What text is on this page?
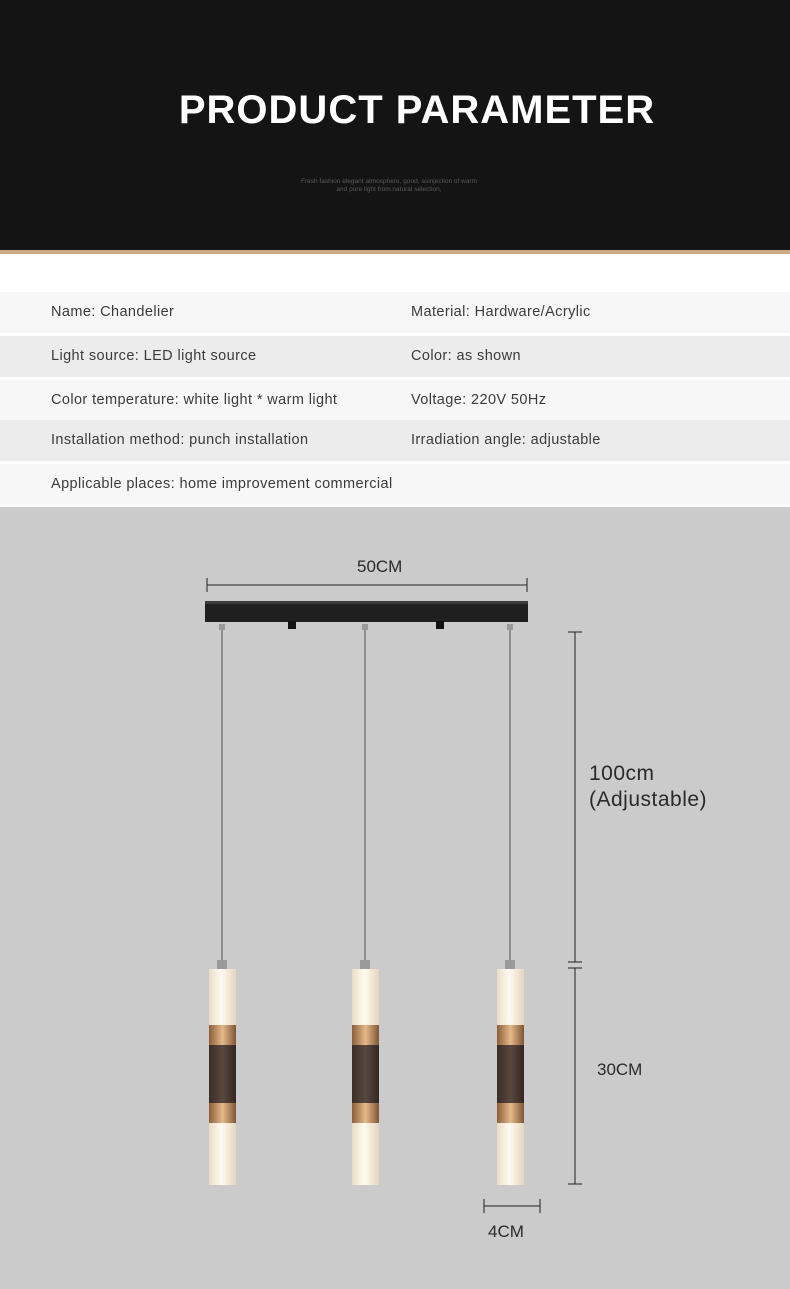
PRODUCT PARAMETER
Fresh fashion elegant atmosphere, good, asinjection of warm and pure light from natural selection,
Name: Chandelier	Material: Hardware/Acrylic
Light source: LED light source	Color: as shown
Color temperature: white light * warm light	Voltage: 220V 50Hz
Installation method: punch installation	Irradiation angle: adjustable
Applicable places: home improvement commercial
50CM
100cm
(Adjustable)
30CM
4CM
